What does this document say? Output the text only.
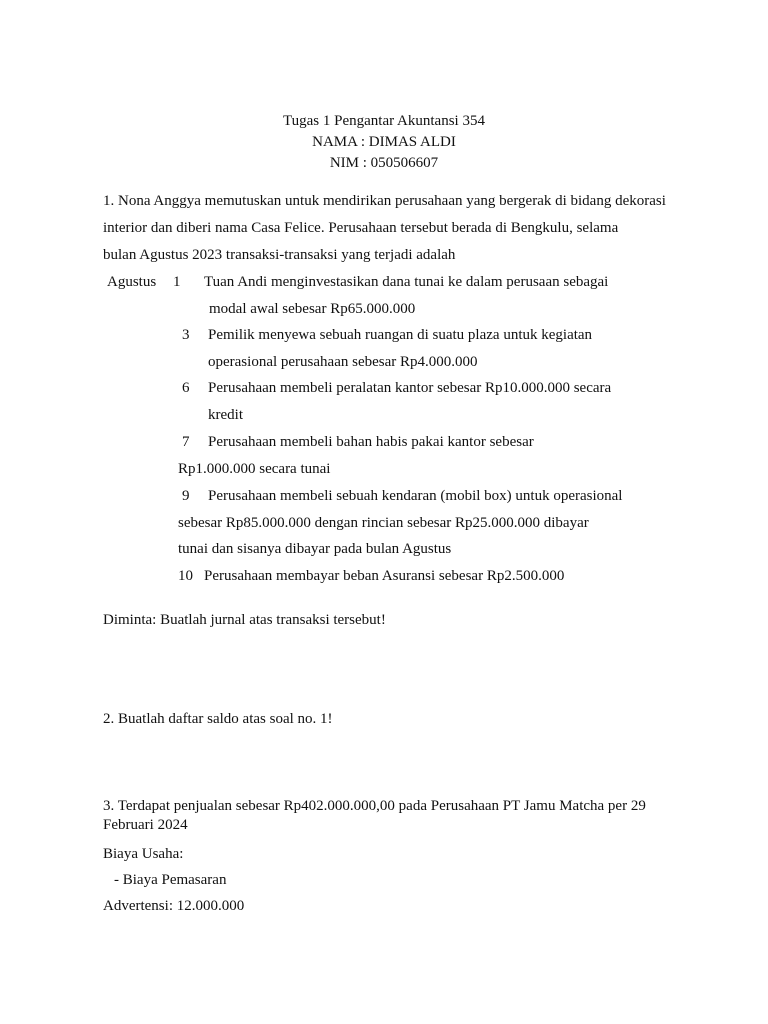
Tugas 1 Pengantar Akuntansi 354
NAMA : DIMAS ALDI
NIM : 050506607
1. Nona Anggya memutuskan untuk mendirikan perusahaan yang bergerak di bidang dekorasi
interior dan diberi nama Casa Felice. Perusahaan tersebut berada di Bengkulu, selama
bulan Agustus 2023 transaksi-transaksi yang terjadi adalah
Agustus 1 Tuan Andi menginvestasikan dana tunai ke dalam perusaan sebagai
modal awal sebesar Rp65.000.000
3 Pemilik menyewa sebuah ruangan di suatu plaza untuk kegiatan
operasional perusahaan sebesar Rp4.000.000
6 Perusahaan membeli peralatan kantor sebesar Rp10.000.000 secara
kredit
7 Perusahaan membeli bahan habis pakai kantor sebesar
Rp1.000.000 secara tunai
9 Perusahaan membeli sebuah kendaran (mobil box) untuk operasional
sebesar Rp85.000.000 dengan rincian sebesar Rp25.000.000 dibayar
tunai dan sisanya dibayar pada bulan Agustus
10 Perusahaan membayar beban Asuransi sebesar Rp2.500.000
Diminta: Buatlah jurnal atas transaksi tersebut!
2. Buatlah daftar saldo atas soal no. 1!
3. Terdapat penjualan sebesar Rp402.000.000,00 pada Perusahaan PT Jamu Matcha per 29
Februari 2024
Biaya Usaha:
- Biaya Pemasaran
Advertensi: 12.000.000
